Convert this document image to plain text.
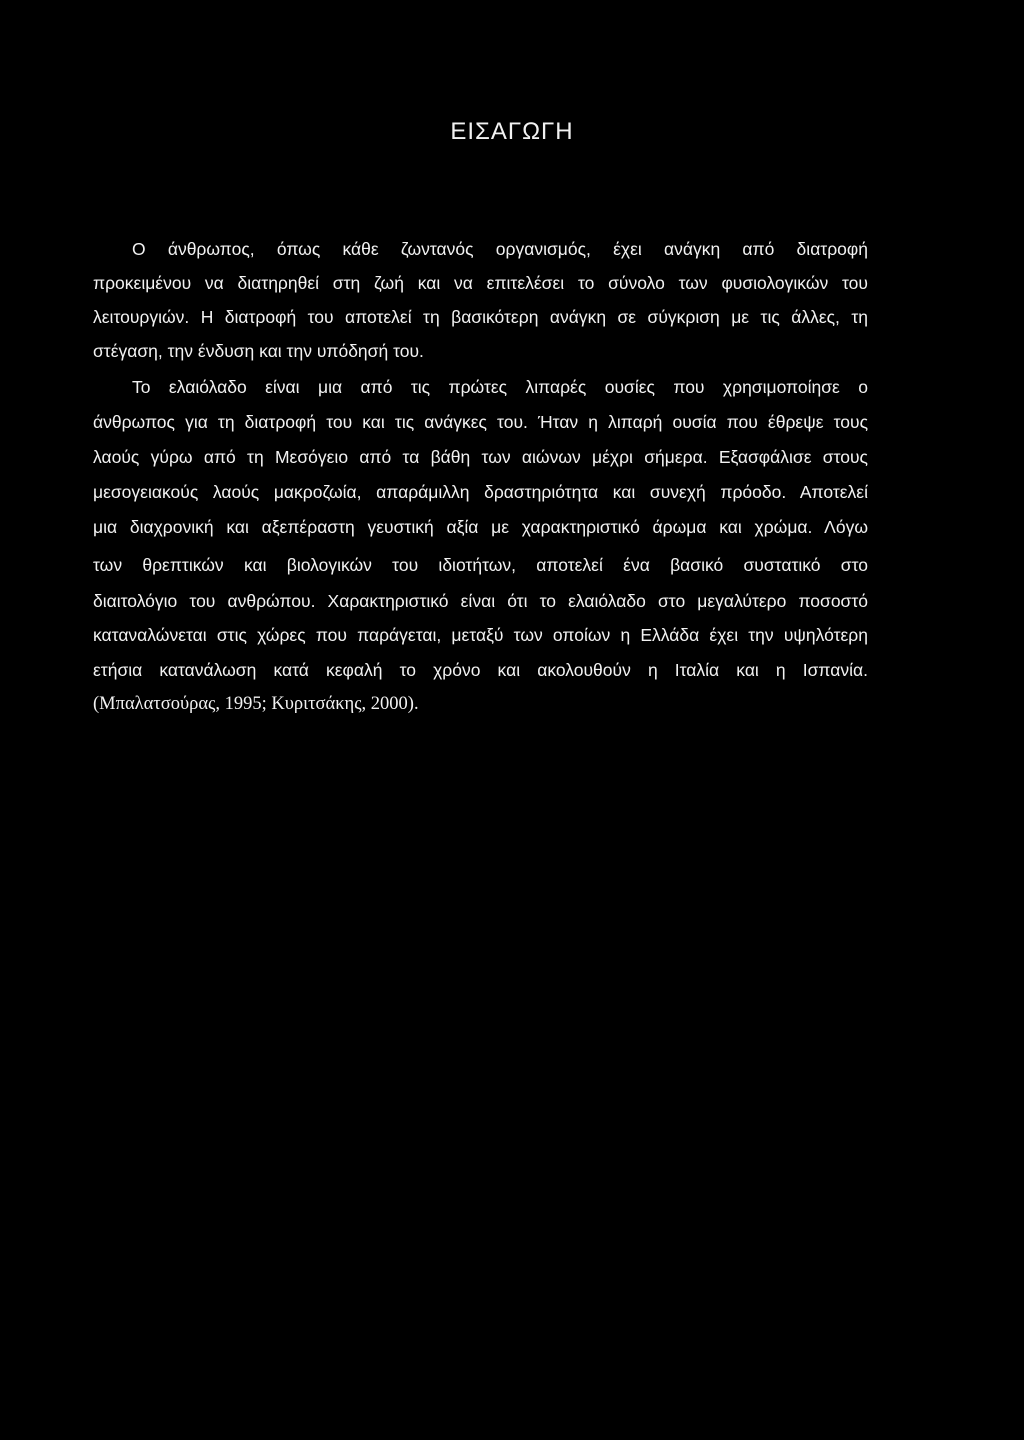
ΕΙΣΑΓΩΓΗ
Ο άνθρωπος, όπως κάθε ζωντανός οργανισμός, έχει ανάγκη από διατροφή
προκειμένου να διατηρηθεί στη ζωή και να επιτελέσει το σύνολο των φυσιολογικών του
λειτουργιών. Η διατροφή του αποτελεί τη βασικότερη ανάγκη σε σύγκριση με τις άλλες, τη
στέγαση, την ένδυση και την υπόδησή του.
Το ελαιόλαδο είναι μια από τις πρώτες λιπαρές ουσίες που χρησιμοποίησε ο
άνθρωπος για τη διατροφή του και τις ανάγκες του. Ήταν η λιπαρή ουσία που έθρεψε τους
λαούς γύρω από τη Μεσόγειο από τα βάθη των αιώνων μέχρι σήμερα. Εξασφάλισε στους
μεσογειακούς λαούς μακροζωία, απαράμιλλη δραστηριότητα και συνεχή πρόοδο. Αποτελεί
μια διαχρονική και αξεπέραστη γευστική αξία με χαρακτηριστικό άρωμα και χρώμα. Λόγω
των θρεπτικών και βιολογικών του ιδιοτήτων, αποτελεί ένα βασικό συστατικό στο
διαιτολόγιο του ανθρώπου. Χαρακτηριστικό είναι ότι το ελαιόλαδο στο μεγαλύτερο ποσοστό
καταναλώνεται στις χώρες που παράγεται, μεταξύ των οποίων η Ελλάδα έχει την υψηλότερη
ετήσια κατανάλωση κατά κεφαλή το χρόνο και ακολουθούν η Ιταλία και η Ισπανία.
(Μπαλατσούρας, 1995; Κυριτσάκης, 2000).
